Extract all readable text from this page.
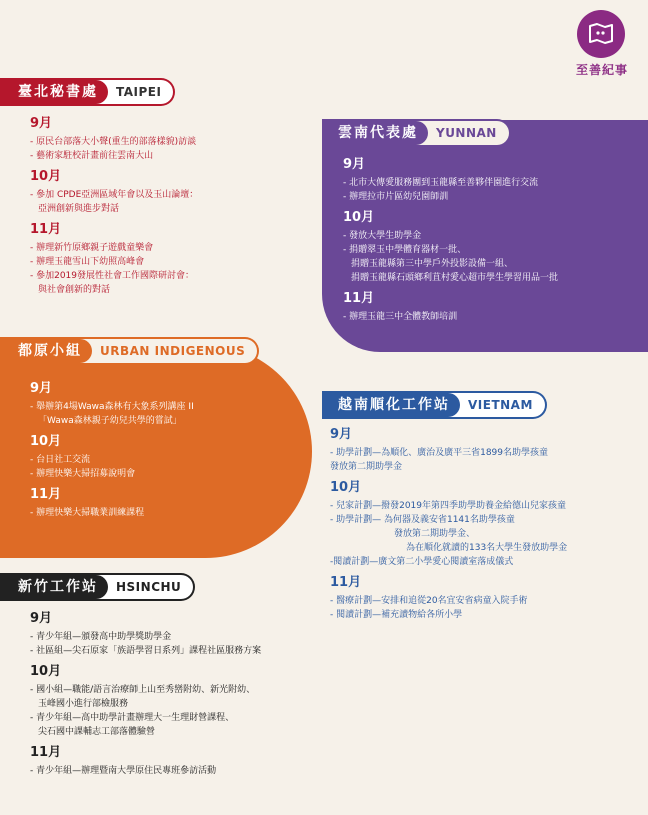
至善紀事
臺北秘書處	TAIPEI
9月
- 原民台部落大小聲(重生的部落樣貌)訪談
- 藝術家駐校計畫前往雲南大山
10月
- 參加 CPDE亞洲區域年會以及玉山論壇：
亞洲創新與進步對話
11月
- 辦理新竹原鄉親子遊戲童樂會
- 辦理玉龍雪山下幼照高峰會
- 參加2019發展性社會工作國際研討會：
與社會創新的對話
都原小組	URBAN INDIGENOUS
9月
- 舉辦第4場Wawa森林有大象系列講座 II
「Wawa森林親子幼兒共學的嘗試」
10月
- 台日社工交流
- 辦理快樂大掃招募說明會
11月
- 辦理快樂大掃職業訓練課程
雲南代表處	YUNNAN
9月
- 北市大傳愛服務團到玉龍縣至善夥伴園進行交流
- 辦理拉市片區幼兒園師訓
10月
- 發放大學生助學金
- 捐贈翠玉中學體育器材一批、
捐贈玉龍縣第三中學戶外投影設備一組、
捐贈玉龍縣石頭鄉利苴村愛心超市學生學習用品一批
11月
- 辦理玉龍三中全體教師培訓
越南順化工作站	VIETNAM
9月
- 助學計劃—為順化、廣治及廣平三省1899名助學孩童
發放第二期助學金
10月
- 兒家計劃—撥發2019年第四季助學助養金給德山兒家孩童
- 助學計劃— 為何器及義安省1141名助學孩童
發放第二期助學金、
為在順化就讀的133名大學生發放助學金
-閱讀計劃—廣文第二小學愛心閱讀室落成儀式
11月
- 醫療計劃—安排和追從20名宜安省病童入院手術
- 閱讀計劃—補充讀物給各所小學
新竹工作站	HSINCHU
9月
- 青少年組—頒發高中助學獎助學金
- 社區組—尖石原家「族語學習日系列」課程社區服務方案
10月
- 國小組—職能/語言治療師上山至秀巒附幼、新光附幼、
玉峰國小進行部檢服務
- 青少年組—高中助學計畫辦理大一生理財營課程、
尖石國中課輔志工部落體驗營
11月
- 青少年組—辦理暨南大學原住民專班參訪活動
